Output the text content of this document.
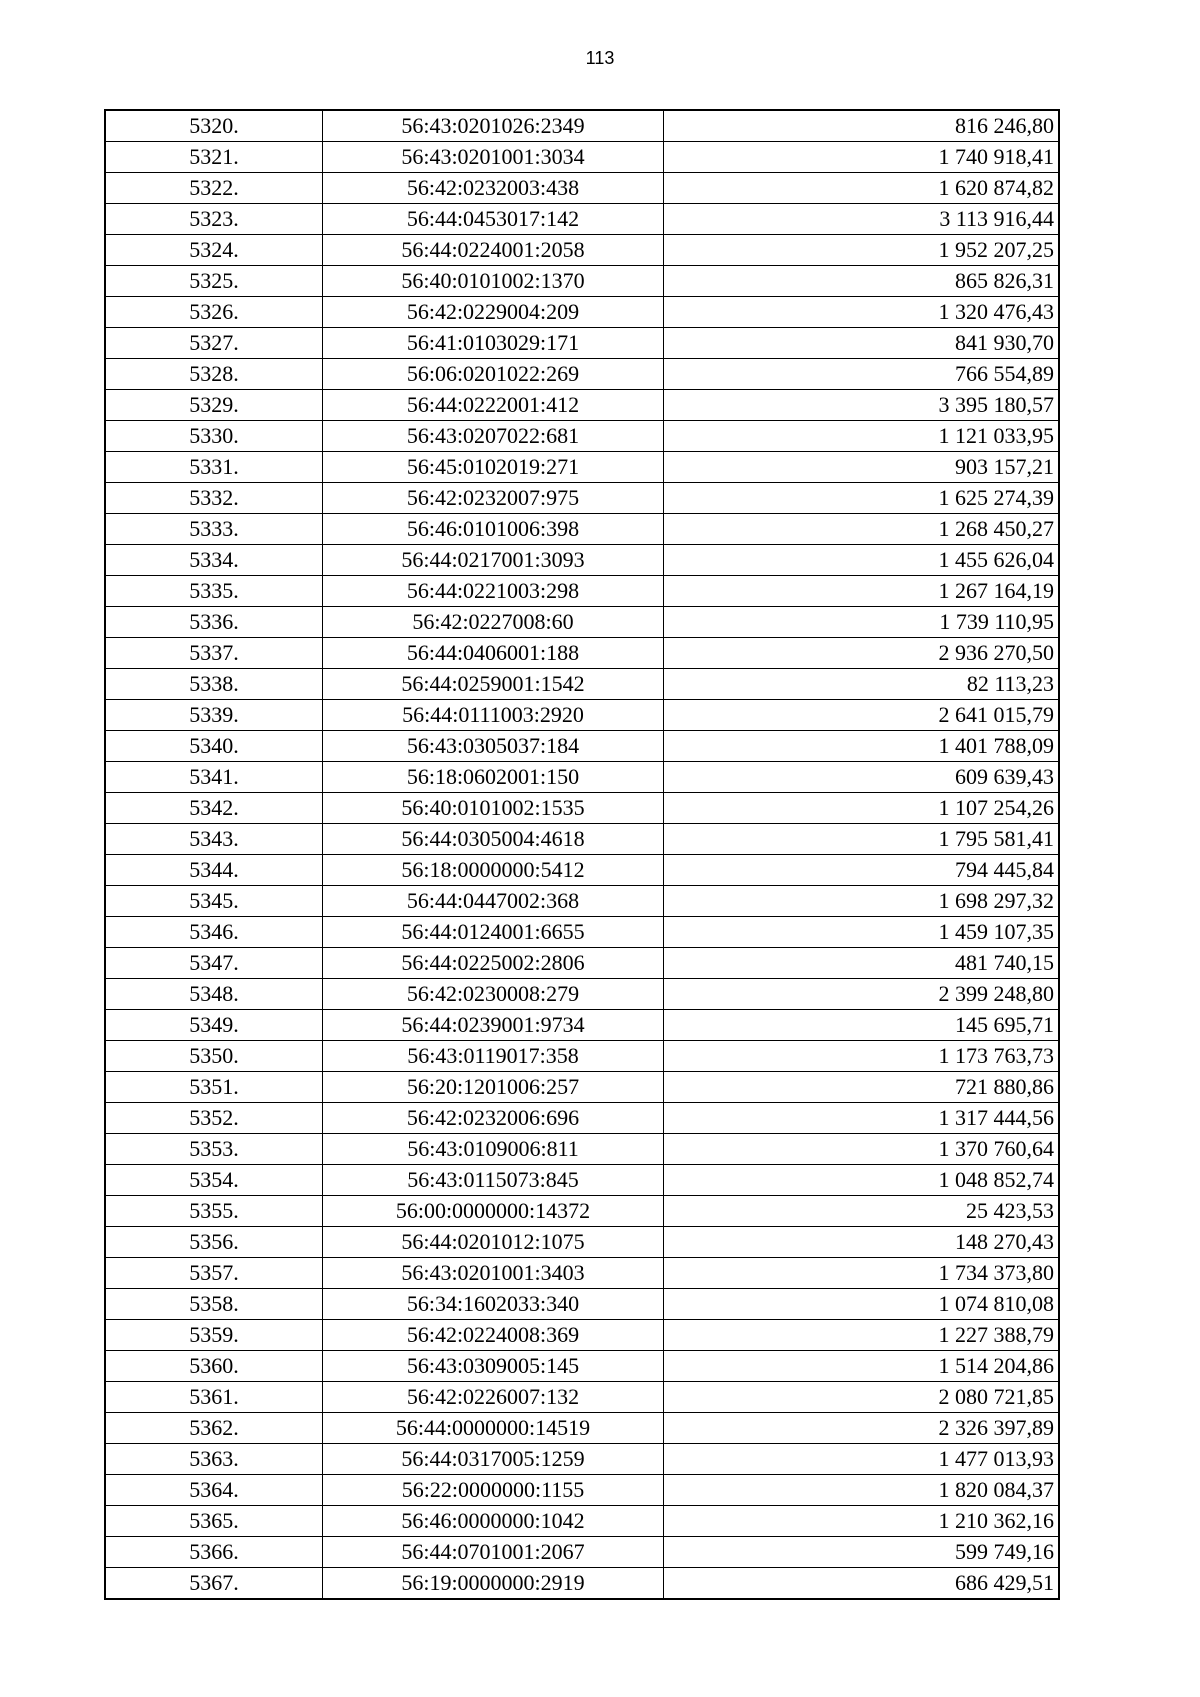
113
5320.	56:43:0201026:2349	816 246,80
5321.	56:43:0201001:3034	1 740 918,41
5322.	56:42:0232003:438	1 620 874,82
5323.	56:44:0453017:142	3 113 916,44
5324.	56:44:0224001:2058	1 952 207,25
5325.	56:40:0101002:1370	865 826,31
5326.	56:42:0229004:209	1 320 476,43
5327.	56:41:0103029:171	841 930,70
5328.	56:06:0201022:269	766 554,89
5329.	56:44:0222001:412	3 395 180,57
5330.	56:43:0207022:681	1 121 033,95
5331.	56:45:0102019:271	903 157,21
5332.	56:42:0232007:975	1 625 274,39
5333.	56:46:0101006:398	1 268 450,27
5334.	56:44:0217001:3093	1 455 626,04
5335.	56:44:0221003:298	1 267 164,19
5336.	56:42:0227008:60	1 739 110,95
5337.	56:44:0406001:188	2 936 270,50
5338.	56:44:0259001:1542	82 113,23
5339.	56:44:0111003:2920	2 641 015,79
5340.	56:43:0305037:184	1 401 788,09
5341.	56:18:0602001:150	609 639,43
5342.	56:40:0101002:1535	1 107 254,26
5343.	56:44:0305004:4618	1 795 581,41
5344.	56:18:0000000:5412	794 445,84
5345.	56:44:0447002:368	1 698 297,32
5346.	56:44:0124001:6655	1 459 107,35
5347.	56:44:0225002:2806	481 740,15
5348.	56:42:0230008:279	2 399 248,80
5349.	56:44:0239001:9734	145 695,71
5350.	56:43:0119017:358	1 173 763,73
5351.	56:20:1201006:257	721 880,86
5352.	56:42:0232006:696	1 317 444,56
5353.	56:43:0109006:811	1 370 760,64
5354.	56:43:0115073:845	1 048 852,74
5355.	56:00:0000000:14372	25 423,53
5356.	56:44:0201012:1075	148 270,43
5357.	56:43:0201001:3403	1 734 373,80
5358.	56:34:1602033:340	1 074 810,08
5359.	56:42:0224008:369	1 227 388,79
5360.	56:43:0309005:145	1 514 204,86
5361.	56:42:0226007:132	2 080 721,85
5362.	56:44:0000000:14519	2 326 397,89
5363.	56:44:0317005:1259	1 477 013,93
5364.	56:22:0000000:1155	1 820 084,37
5365.	56:46:0000000:1042	1 210 362,16
5366.	56:44:0701001:2067	599 749,16
5367.	56:19:0000000:2919	686 429,51
